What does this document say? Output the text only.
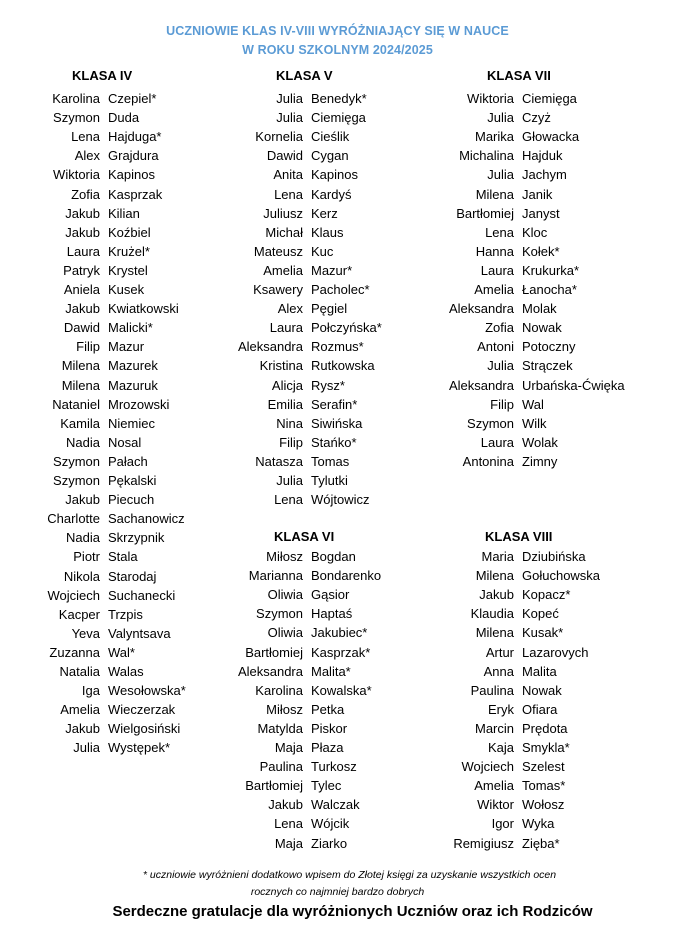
UCZNIOWIE KLAS IV-VIII WYRÓŻNIAJĄCY SIĘ W NAUCE
W ROKU SZKOLNYM 2024/2025
KLASA IV
Karolina Czepiel*
Szymon Duda
Lena Hajduga*
Alex Grajdura
Wiktoria Kapinos
Zofia Kasprzak
Jakub Kilian
Jakub Koźbiel
Laura Krużel*
Patryk Krystel
Aniela Kusek
Jakub Kwiatkowski
Dawid Malicki*
Filip Mazur
Milena Mazurek
Milena Mazuruk
Nataniel Mrozowski
Kamila Niemiec
Nadia Nosal
Szymon Pałach
Szymon Pękalski
Jakub Piecuch
Charlotte Sachanowicz
Nadia Skrzypnik
Piotr Stala
Nikola Starodaj
Wojciech Suchanecki
Kacper Trzpis
Yeva Valyntsava
Zuzanna Wal*
Natalia Walas
Iga Wesołowska*
Amelia Wieczerzak
Jakub Wielgosiński
Julia Występek*
KLASA V
Julia Benedyk*
Julia Ciemięga
Kornelia Cieślik
Dawid Cygan
Anita Kapinos
Lena Kardyś
Juliusz Kerz
Michał Klaus
Mateusz Kuc
Amelia Mazur*
Ksawery Pacholec*
Alex Pęgiel
Laura Połczyńska*
Aleksandra Rozmus*
Kristina Rutkowska
Alicja Rysz*
Emilia Serafin*
Nina Siwińska
Filip Stańko*
Natasza Tomas
Julia Tylutki
Lena Wójtowicz
KLASA VI
Miłosz Bogdan
Marianna Bondarenko
Oliwia Gąsior
Szymon Haptaś
Oliwia Jakubiec*
Bartłomiej Kasprzak*
Aleksandra Malita*
Karolina Kowalska*
Miłosz Petka
Matylda Piskor
Maja Płaza
Paulina Turkosz
Bartłomiej Tylec
Jakub Walczak
Lena Wójcik
Maja Ziarko
KLASA VII
Wiktoria Ciemięga
Julia Czyż
Marika Głowacka
Michalina Hajduk
Julia Jachym
Milena Janik
Bartłomiej Janyst
Lena Kloc
Hanna Kołek*
Laura Krukurka*
Amelia Łanocha*
Aleksandra Molak
Zofia Nowak
Antoni Potoczny
Julia Strączek
Aleksandra Urbańska-Ćwięka
Filip Wal
Szymon Wilk
Laura Wolak
Antonina Zimny
KLASA VIII
Maria Dziubińska
Milena Gołuchowska
Jakub Kopacz*
Klaudia Kopeć
Milena Kusak*
Artur Lazarovych
Anna Malita
Paulina Nowak
Eryk Ofiara
Marcin Prędota
Kaja Smykla*
Wojciech Szelest
Amelia Tomas*
Wiktor Wołosz
Igor Wyka
Remigiusz Zięba*
* uczniowie wyróżnieni dodatkowo wpisem do Złotej księgi za uzyskanie wszystkich ocen
rocznych co najmniej bardzo dobrych
Serdeczne gratulacje dla wyróżnionych Uczniów oraz ich Rodziców
